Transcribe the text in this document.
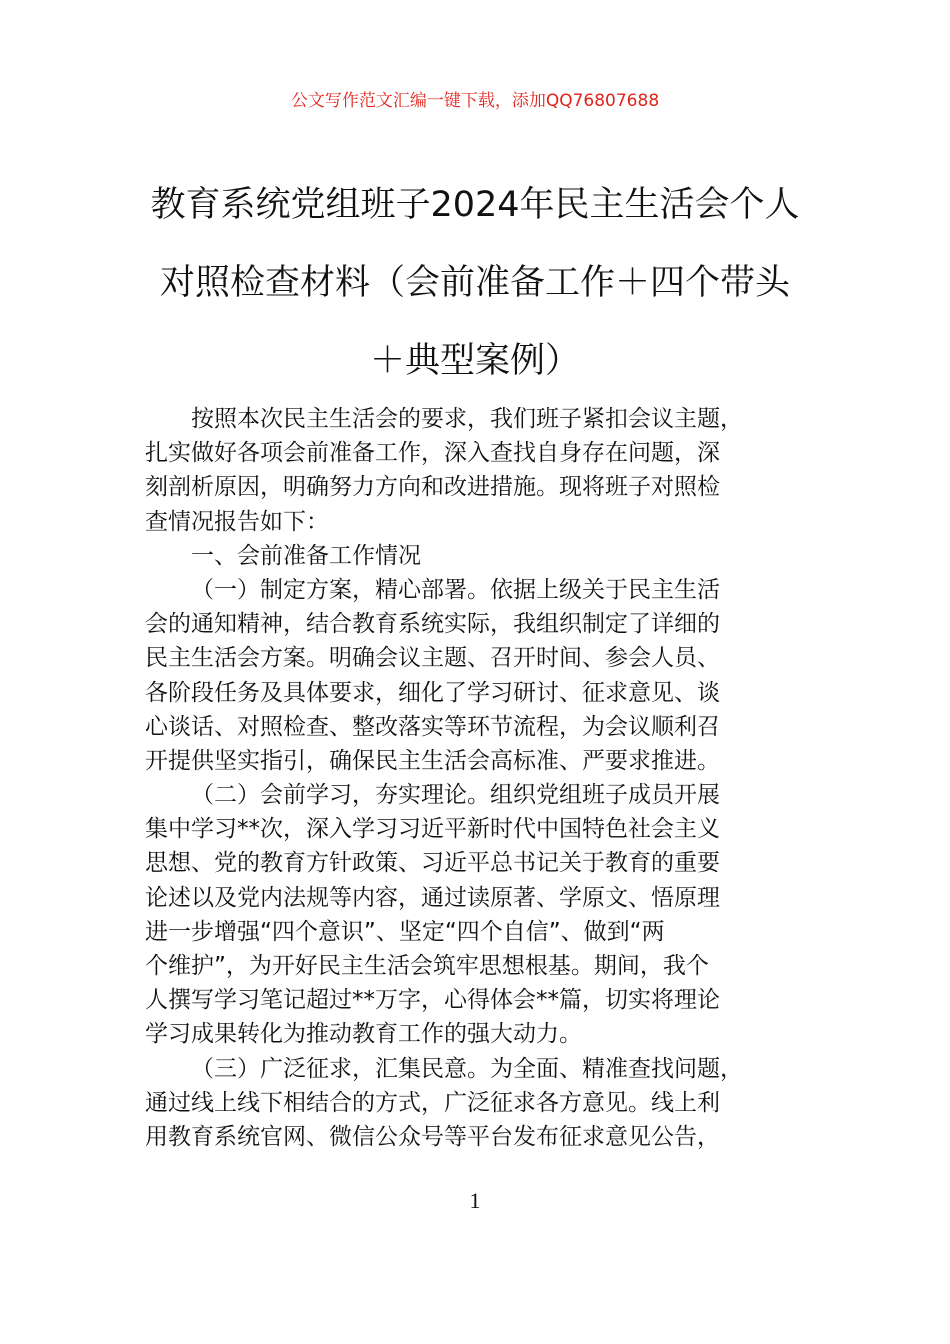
公文写作范文汇编一键下载，添加QQ76807688
教育系统党组班子2024年民主生活会个人
对照检查材料（会前准备工作＋四个带头
＋典型案例）
按照本次民主生活会的要求，我们班子紧扣会议主题，
扎实做好各项会前准备工作，深入查找自身存在问题，深
刻剖析原因，明确努力方向和改进措施。现将班子对照检
查情况报告如下：
一、会前准备工作情况
（一）制定方案，精心部署。依据上级关于民主生活
会的通知精神，结合教育系统实际，我组织制定了详细的
民主生活会方案。明确会议主题、召开时间、参会人员、
各阶段任务及具体要求，细化了学习研讨、征求意见、谈
心谈话、对照检查、整改落实等环节流程，为会议顺利召
开提供坚实指引，确保民主生活会高标准、严要求推进。
（二）会前学习，夯实理论。组织党组班子成员开展
集中学习**次，深入学习习近平新时代中国特色社会主义
思想、党的教育方针政策、习近平总书记关于教育的重要
论述以及党内法规等内容，通过读原著、学原文、悟原理
进一步增强“四个意识”、坚定“四个自信”、做到“两
个维护”，为开好民主生活会筑牢思想根基。期间，我个
人撰写学习笔记超过**万字，心得体会**篇，切实将理论
学习成果转化为推动教育工作的强大动力。
（三）广泛征求，汇集民意。为全面、精准查找问题，
通过线上线下相结合的方式，广泛征求各方意见。线上利
用教育系统官网、微信公众号等平台发布征求意见公告，
1
